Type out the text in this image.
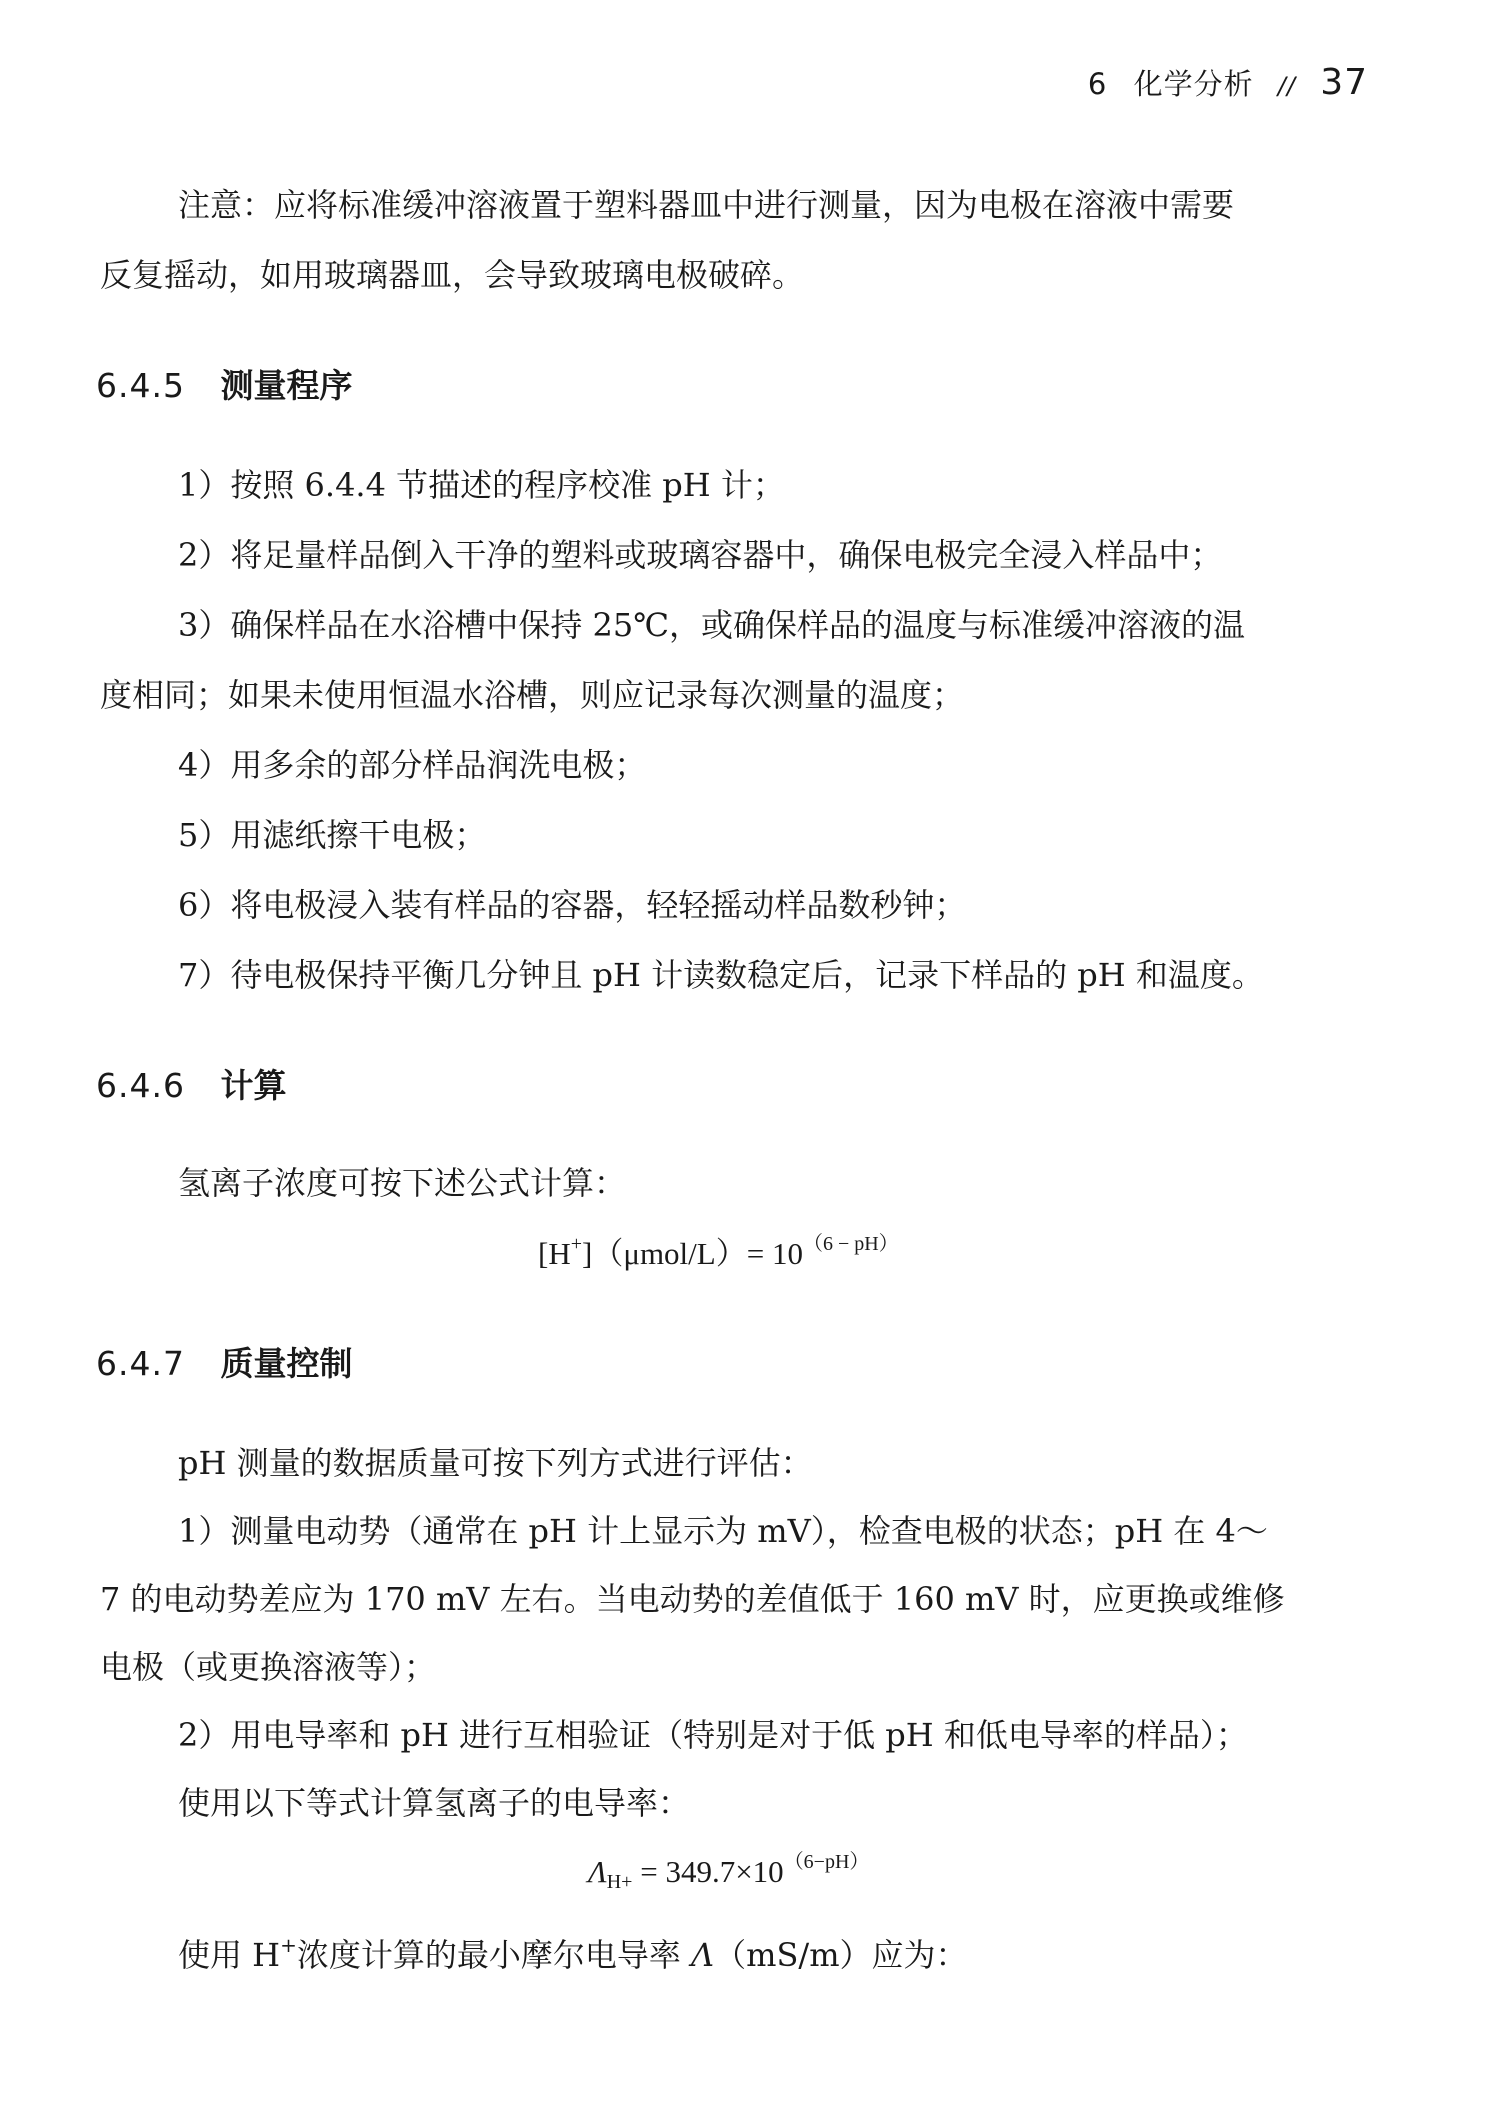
6 化学分析 // 37
注意：应将标准缓冲溶液置于塑料器皿中进行测量，因为电极在溶液中需要
反复摇动，如用玻璃器皿，会导致玻璃电极破碎。
6.4.5 测量程序
1）按照 6.4.4 节描述的程序校准 pH 计；
2）将足量样品倒入干净的塑料或玻璃容器中，确保电极完全浸入样品中；
3）确保样品在水浴槽中保持 25℃，或确保样品的温度与标准缓冲溶液的温
度相同；如果未使用恒温水浴槽，则应记录每次测量的温度；
4）用多余的部分样品润洗电极；
5）用滤纸擦干电极；
6）将电极浸入装有样品的容器，轻轻摇动样品数秒钟；
7）待电极保持平衡几分钟且 pH 计读数稳定后，记录下样品的 pH 和温度。
6.4.6 计算
氢离子浓度可按下述公式计算：
$[H^+](\mu mol/L)= 10^{(6 - pH)}$
6.4.7 质量控制
pH 测量的数据质量可按下列方式进行评估：
1）测量电动势（通常在 pH 计上显示为 mV），检查电极的状态；pH 在 4～
7 的电动势差应为 170 mV 左右。当电动势的差值低于 160 mV 时，应更换或维修
电极（或更换溶液等）；
2）用电导率和 pH 进行互相验证（特别是对于低 pH 和低电导率的样品）；
使用以下等式计算氢离子的电导率：
$\Lambda_{H+} = 349.7\times 10^{(6-pH)}$
使用 H+浓度计算的最小摩尔电导率 Λ（mS/m）应为：
